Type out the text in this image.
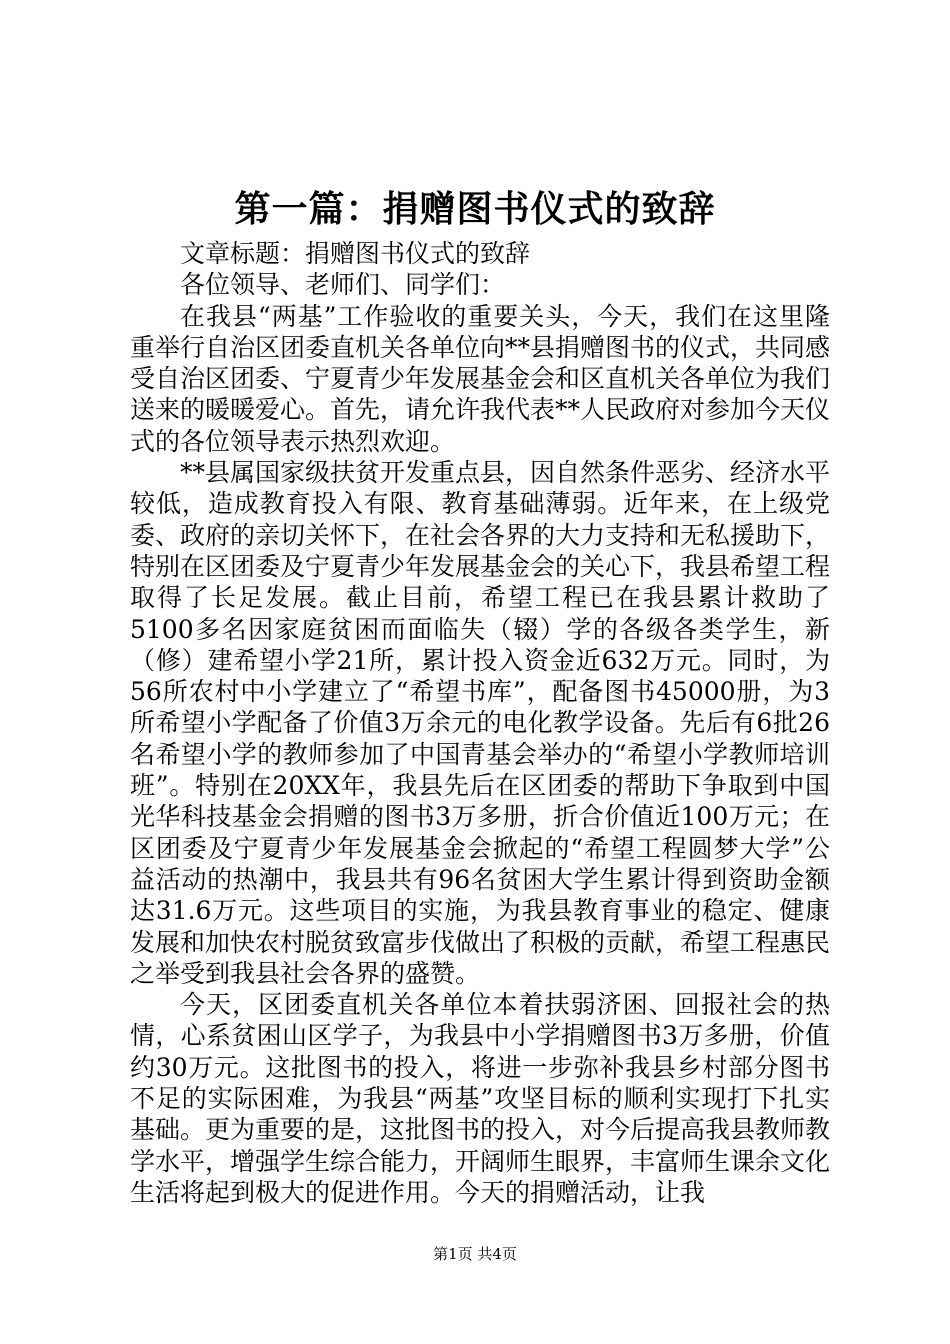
第一篇：捐赠图书仪式的致辞

文章标题：捐赠图书仪式的致辞

各位领导、老师们、同学们：

在我县“两基”工作验收的重要关头，今天，我们在这里隆重举行自治区团委直机关各单位向**县捐赠图书的仪式，共同感受自治区团委、宁夏青少年发展基金会和区直机关各单位为我们送来的暖暖爱心。首先，请允许我代表**人民政府对参加今天仪式的各位领导表示热烈欢迎。

**县属国家级扶贫开发重点县，因自然条件恶劣、经济水平较低，造成教育投入有限、教育基础薄弱。近年来，在上级党委、政府的亲切关怀下，在社会各界的大力支持和无私援助下，特别在区团委及宁夏青少年发展基金会的关心下，我县希望工程取得了长足发展。截止目前，希望工程已在我县累计救助了5100多名因家庭贫困而面临失（辍）学的各级各类学生，新（修）建希望小学21所，累计投入资金近632万元。同时，为56所农村中小学建立了“希望书库”，配备图书45000册，为3所希望小学配备了价值3万余元的电化教学设备。先后有6批26名希望小学的教师参加了中国青基会举办的“希望小学教师培训班”。特别在20XX年，我县先后在区团委的帮助下争取到中国光华科技基金会捐赠的图书3万多册，折合价值近100万元；在区团委及宁夏青少年发展基金会掀起的“希望工程圆梦大学”公益活动的热潮中，我县共有96名贫困大学生累计得到资助金额达31.6万元。这些项目的实施，为我县教育事业的稳定、健康发展和加快农村脱贫致富步伐做出了积极的贡献，希望工程惠民之举受到我县社会各界的盛赞。

今天，区团委直机关各单位本着扶弱济困、回报社会的热情，心系贫困山区学子，为我县中小学捐赠图书3万多册，价值约30万元。这批图书的投入，将进一步弥补我县乡村部分图书不足的实际困难，为我县“两基”攻坚目标的顺利实现打下扎实基础。更为重要的是，这批图书的投入，对今后提高我县教师教学水平，增强学生综合能力，开阔师生眼界，丰富师生课余文化生活将起到极大的促进作用。今天的捐赠活动，让我

第1页 共4页
